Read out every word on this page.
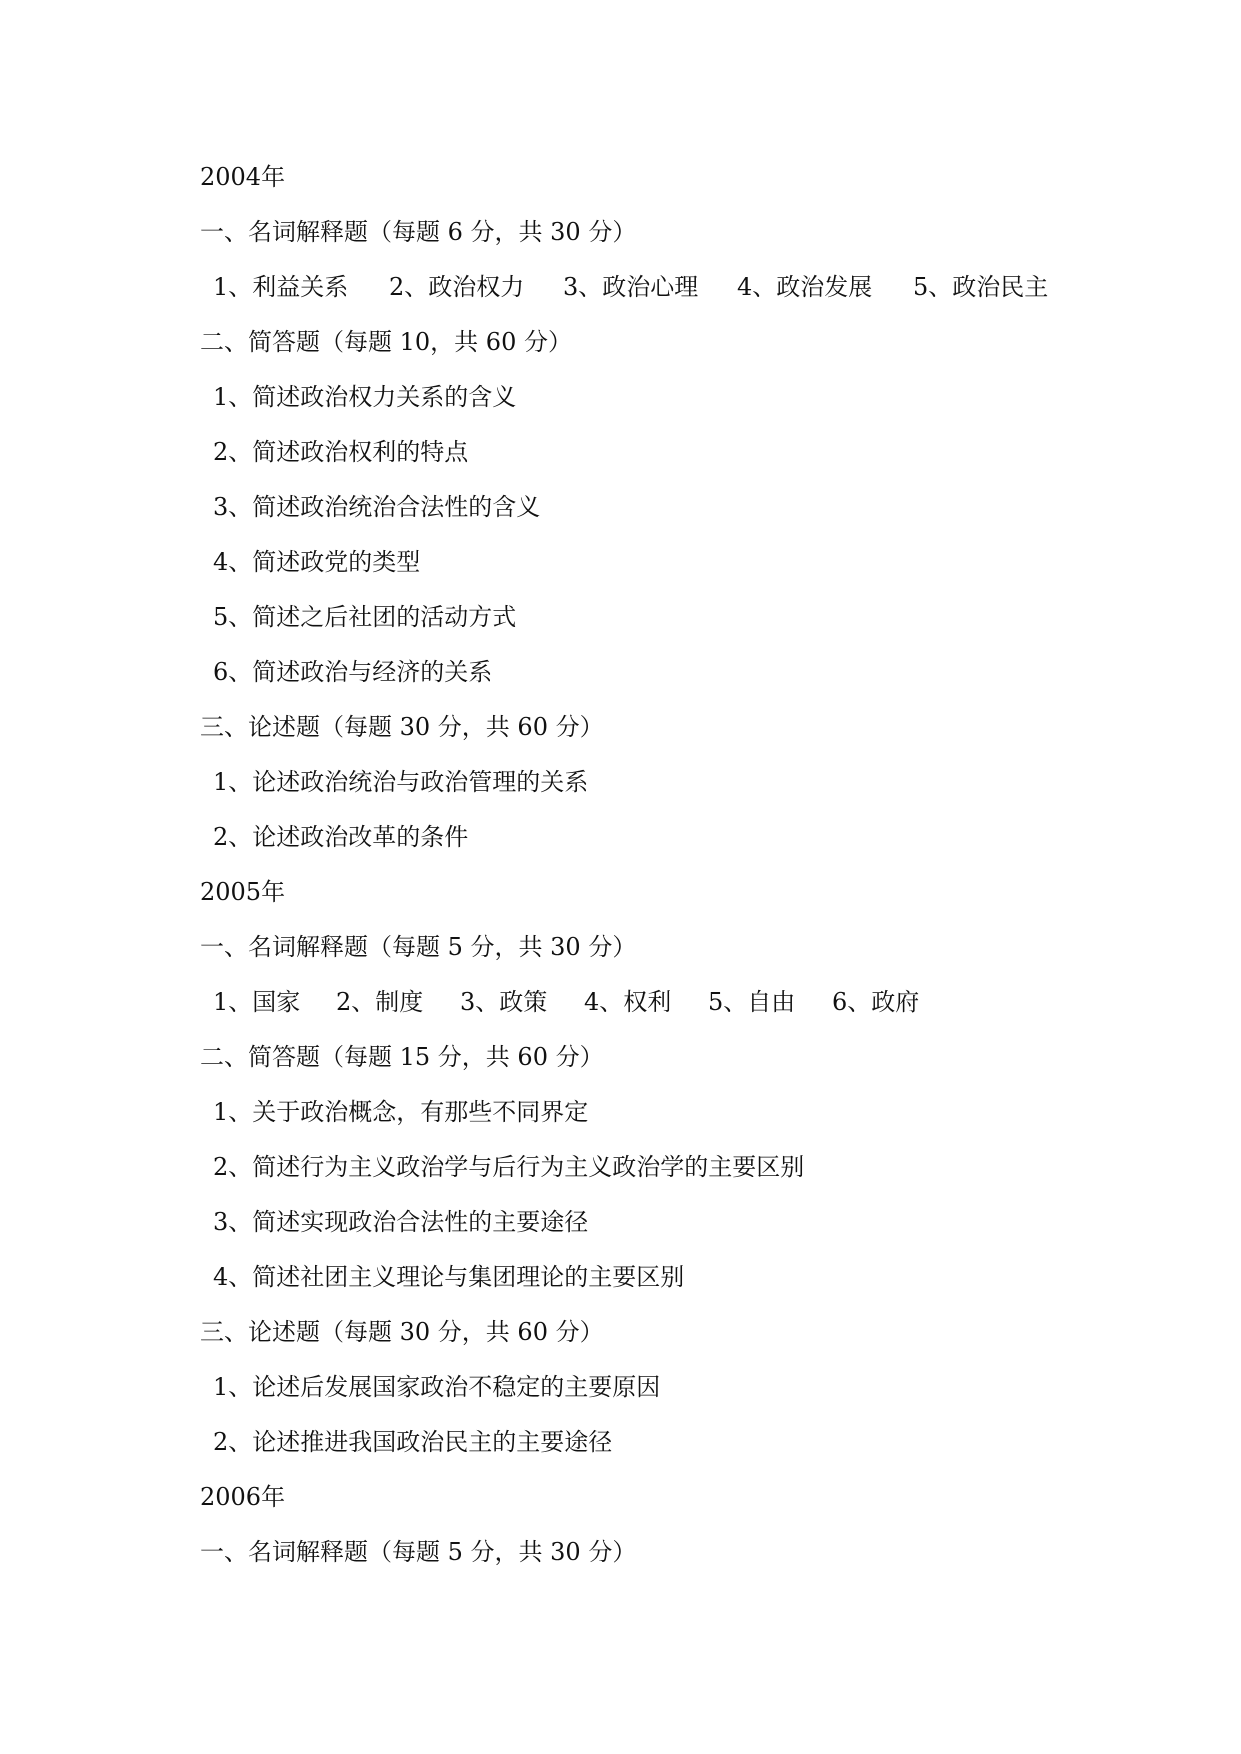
2004年
一、名词解释题（每题 6 分，共 30 分）
1、利益关系	2、政治权力	3、政治心理	4、政治发展	5、政治民主
二、简答题（每题 10，共 60 分）
1、简述政治权力关系的含义
2、简述政治权利的特点
3、简述政治统治合法性的含义
4、简述政党的类型
5、简述之后社团的活动方式
6、简述政治与经济的关系
三、论述题（每题 30 分，共 60 分）
1、论述政治统治与政治管理的关系
2、论述政治改革的条件
2005年
一、名词解释题（每题 5 分，共 30 分）
1、国家	2、制度	3、政策	4、权利	5、自由	6、政府
二、简答题（每题 15 分，共 60 分）
1、关于政治概念，有那些不同界定
2、简述行为主义政治学与后行为主义政治学的主要区别
3、简述实现政治合法性的主要途径
4、简述社团主义理论与集团理论的主要区别
三、论述题（每题 30 分，共 60 分）
1、论述后发展国家政治不稳定的主要原因
2、论述推进我国政治民主的主要途径
2006年
一、名词解释题（每题 5 分，共 30 分）
